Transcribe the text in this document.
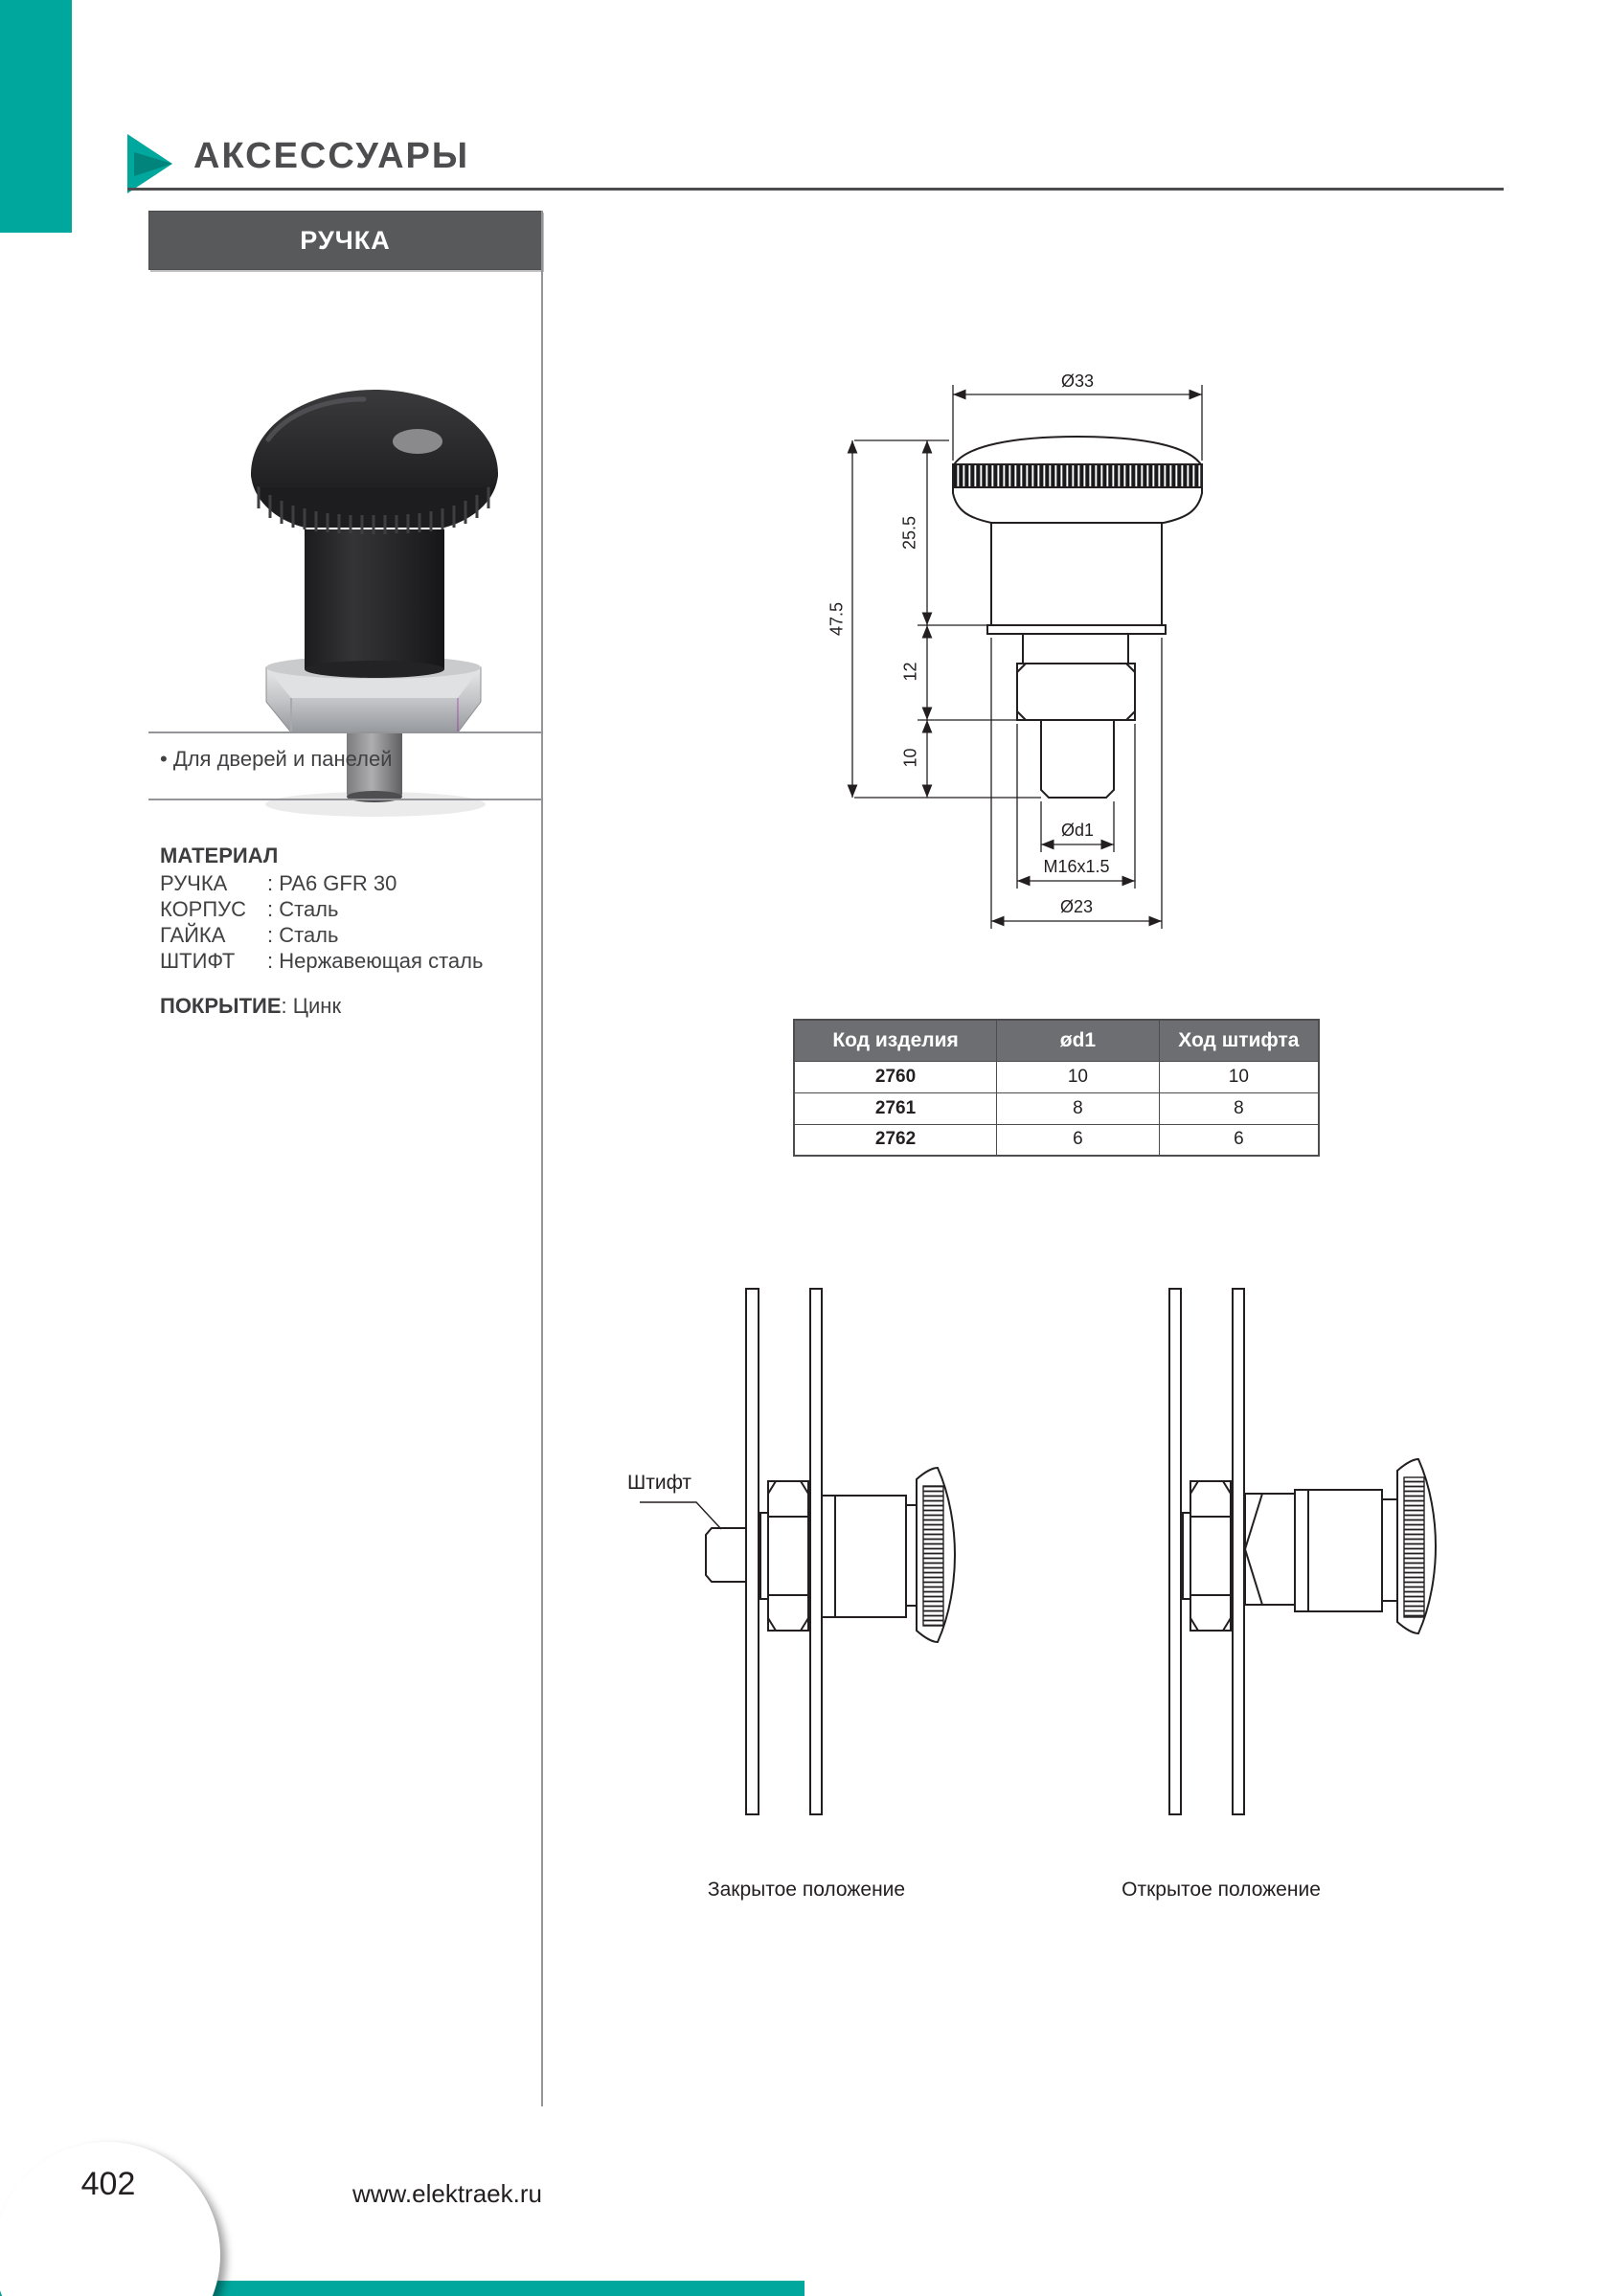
АКСЕССУАРЫ
РУЧКА
• Для дверей и панелей
МАТЕРИАЛ
РУЧКА	: PA6 GFR 30
КОРПУС : Сталь
ГАЙКА	: Сталь
ШТИФТ	: Нержавеющая сталь
ПОКРЫТИЕ: Цинк
Ø33
47.5
25.5
12
10
Ød1
M16x1.5
Ø23
Код изделия	ød1	Ход штифта
2760	10	10
2761	8	8
2762	6	6
Штифт
Закрытое положение	Открытое положение
402	www.elektraek.ru
